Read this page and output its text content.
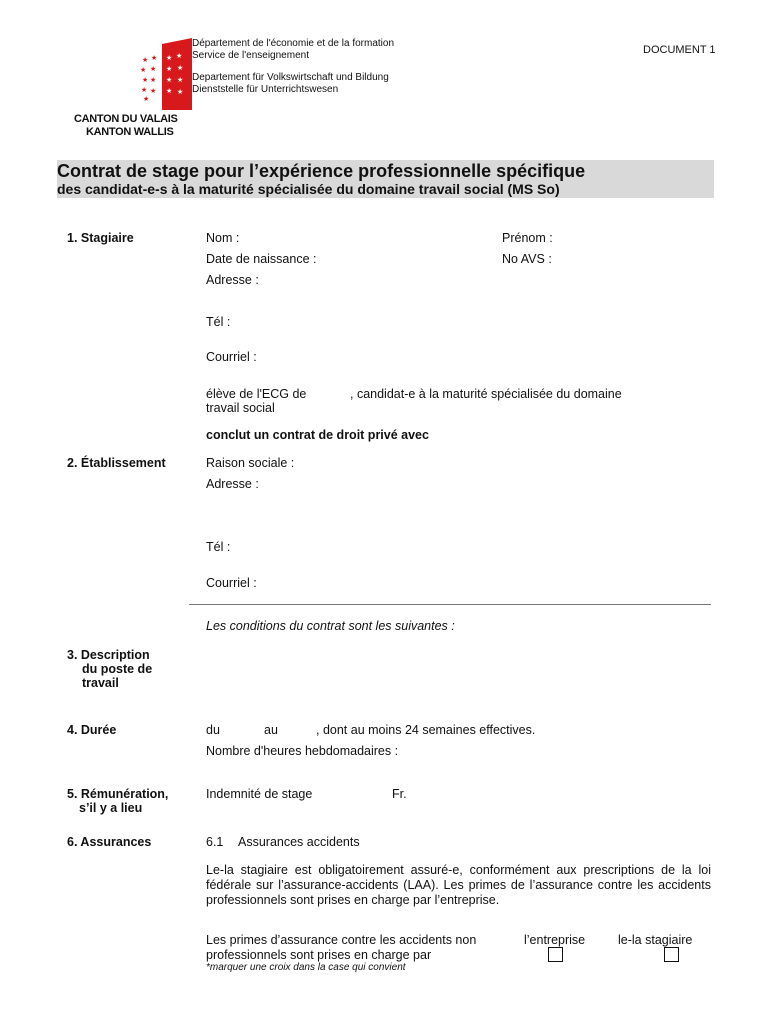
★ ★
★ ★
★ ★
★ ★
★
★ ★
★ ★
★ ★
★ ★
CANTON DU VALAIS
KANTON WALLIS
Département de l'économie et de la formation
Service de l'enseignement
Departement für Volkswirtschaft und Bildung
Dienststelle für Unterrichtswesen
DOCUMENT 1
Contrat de stage pour l’expérience professionnelle spécifique
des candidat-e-s à la maturité spécialisée du domaine travail social (MS So)
1. Stagiaire	Nom :	Prénom :
Date de naissance :	No AVS :
Adresse :
Tél :
Courriel :
élève de l'ECG de	, candidat-e à la maturité spécialisée du domaine
travail social
conclut un contrat de droit privé avec
2. Établissement	Raison sociale :
Adresse :
Tél :
Courriel :
Les conditions du contrat sont les suivantes :
3. Description
du poste de
travail
4. Durée	du	au	, dont au moins 24 semaines effectives.
Nombre d'heures hebdomadaires :
5. Rémunération,
s’il y a lieu
Indemnité de stage	Fr.
6. Assurances	6.1 Assurances accidents
Le-la stagiaire est obligatoirement assuré-e, conformément aux prescriptions de la loi fédérale sur l’assurance-accidents (LAA). Les primes de l’assurance contre les accidents professionnels sont prises en charge par l’entreprise.
Les primes d’assurance contre les accidents non
professionnels sont prises en charge par
l’entreprise	le-la stagiaire
*marquer une croix dans la case qui convient
